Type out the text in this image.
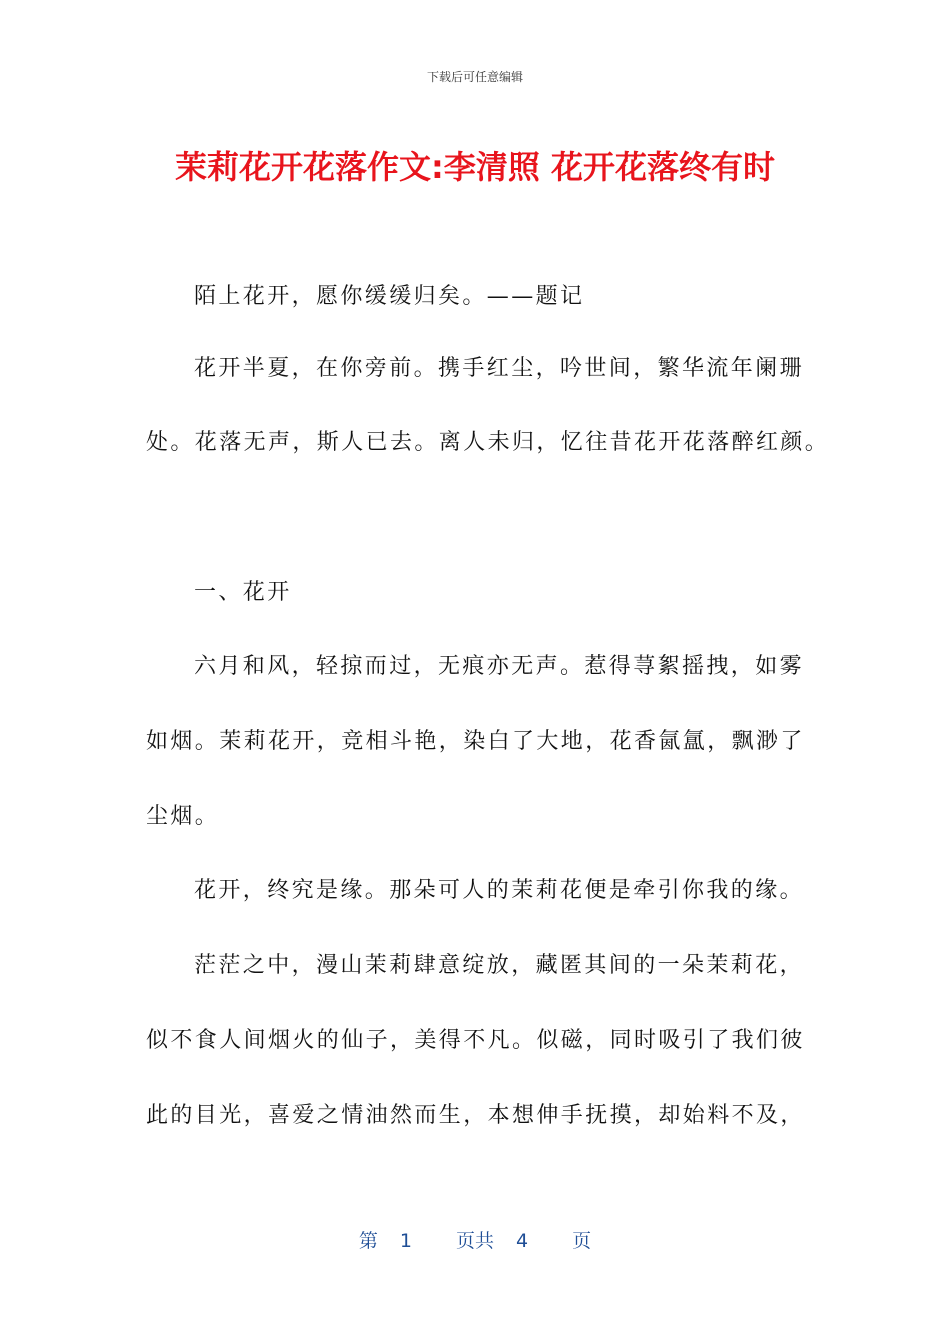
下载后可任意编辑
茉莉花开花落作文:李清照 花开花落终有时
陌上花开，愿你缓缓归矣。——题记
花开半夏，在你旁前。携手红尘，吟世间，繁华流年阑珊
处。花落无声，斯人已去。离人未归，忆往昔花开花落醉红颜。
一、花开
六月和风，轻掠而过，无痕亦无声。惹得荨絮摇拽，如雾
如烟。茉莉花开，竞相斗艳，染白了大地，花香氤氲，飘渺了
尘烟。
花开，终究是缘。那朵可人的茉莉花便是牵引你我的缘。
茫茫之中，漫山茉莉肆意绽放，藏匿其间的一朵茉莉花，
似不食人间烟火的仙子，美得不凡。似磁，同时吸引了我们彼
此的目光，喜爱之情油然而生，本想伸手抚摸，却始料不及，
第 1 页共 4 页
